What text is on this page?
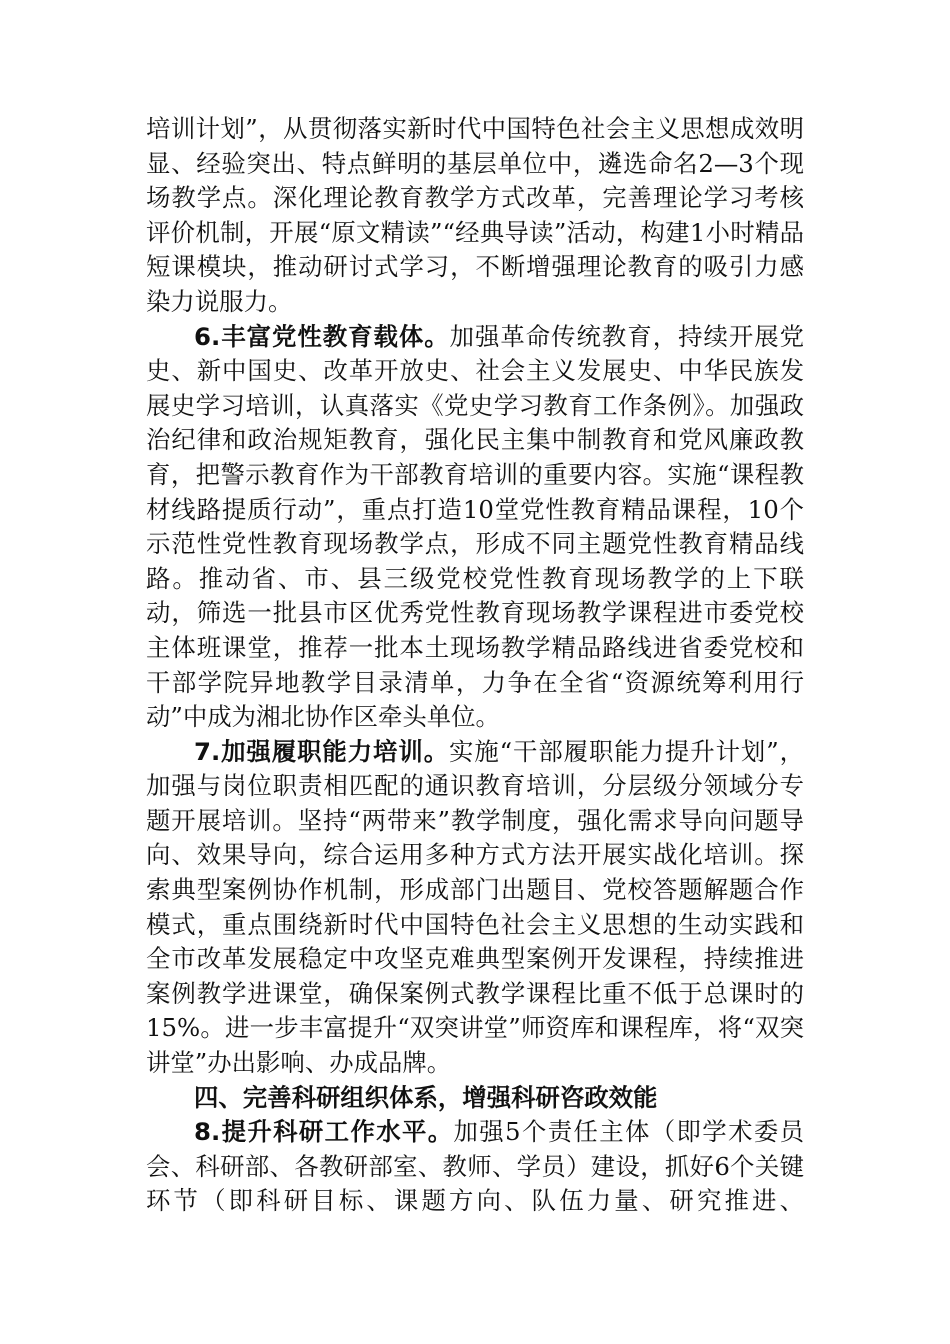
培训计划”，从贯彻落实新时代中国特色社会主义思想成效明显、经验突出、特点鲜明的基层单位中，遴选命名2—3个现场教学点。深化理论教育教学方式改革，完善理论学习考核评价机制，开展“原文精读”“经典导读”活动，构建1小时精品短课模块，推动研讨式学习，不断增强理论教育的吸引力感染力说服力。

6.丰富党性教育载体。加强革命传统教育，持续开展党史、新中国史、改革开放史、社会主义发展史、中华民族发展史学习培训，认真落实《党史学习教育工作条例》。加强政治纪律和政治规矩教育，强化民主集中制教育和党风廉政教育，把警示教育作为干部教育培训的重要内容。实施“课程教材线路提质行动”，重点打造10堂党性教育精品课程，10个示范性党性教育现场教学点，形成不同主题党性教育精品线路。推动省、市、县三级党校党性教育现场教学的上下联动，筛选一批县市区优秀党性教育现场教学课程进市委党校主体班课堂，推荐一批本土现场教学精品路线进省委党校和干部学院异地教学目录清单，力争在全省“资源统筹利用行动”中成为湘北协作区牵头单位。

7.加强履职能力培训。实施“干部履职能力提升计划”，加强与岗位职责相匹配的通识教育培训，分层级分领域分专题开展培训。坚持“两带来”教学制度，强化需求导向问题导向、效果导向，综合运用多种方式方法开展实战化培训。探索典型案例协作机制，形成部门出题目、党校答题解题合作模式，重点围绕新时代中国特色社会主义思想的生动实践和全市改革发展稳定中攻坚克难典型案例开发课程，持续推进案例教学进课堂，确保案例式教学课程比重不低于总课时的15%。进一步丰富提升“双突讲堂”师资库和课程库，将“双突讲堂”办出影响、办成品牌。

四、完善科研组织体系，增强科研咨政效能

8.提升科研工作水平。加强5个责任主体（即学术委员会、科研部、各教研部室、教师、学员）建设，抓好6个关键环节（即科研目标、课题方向、队伍力量、研究推进、
